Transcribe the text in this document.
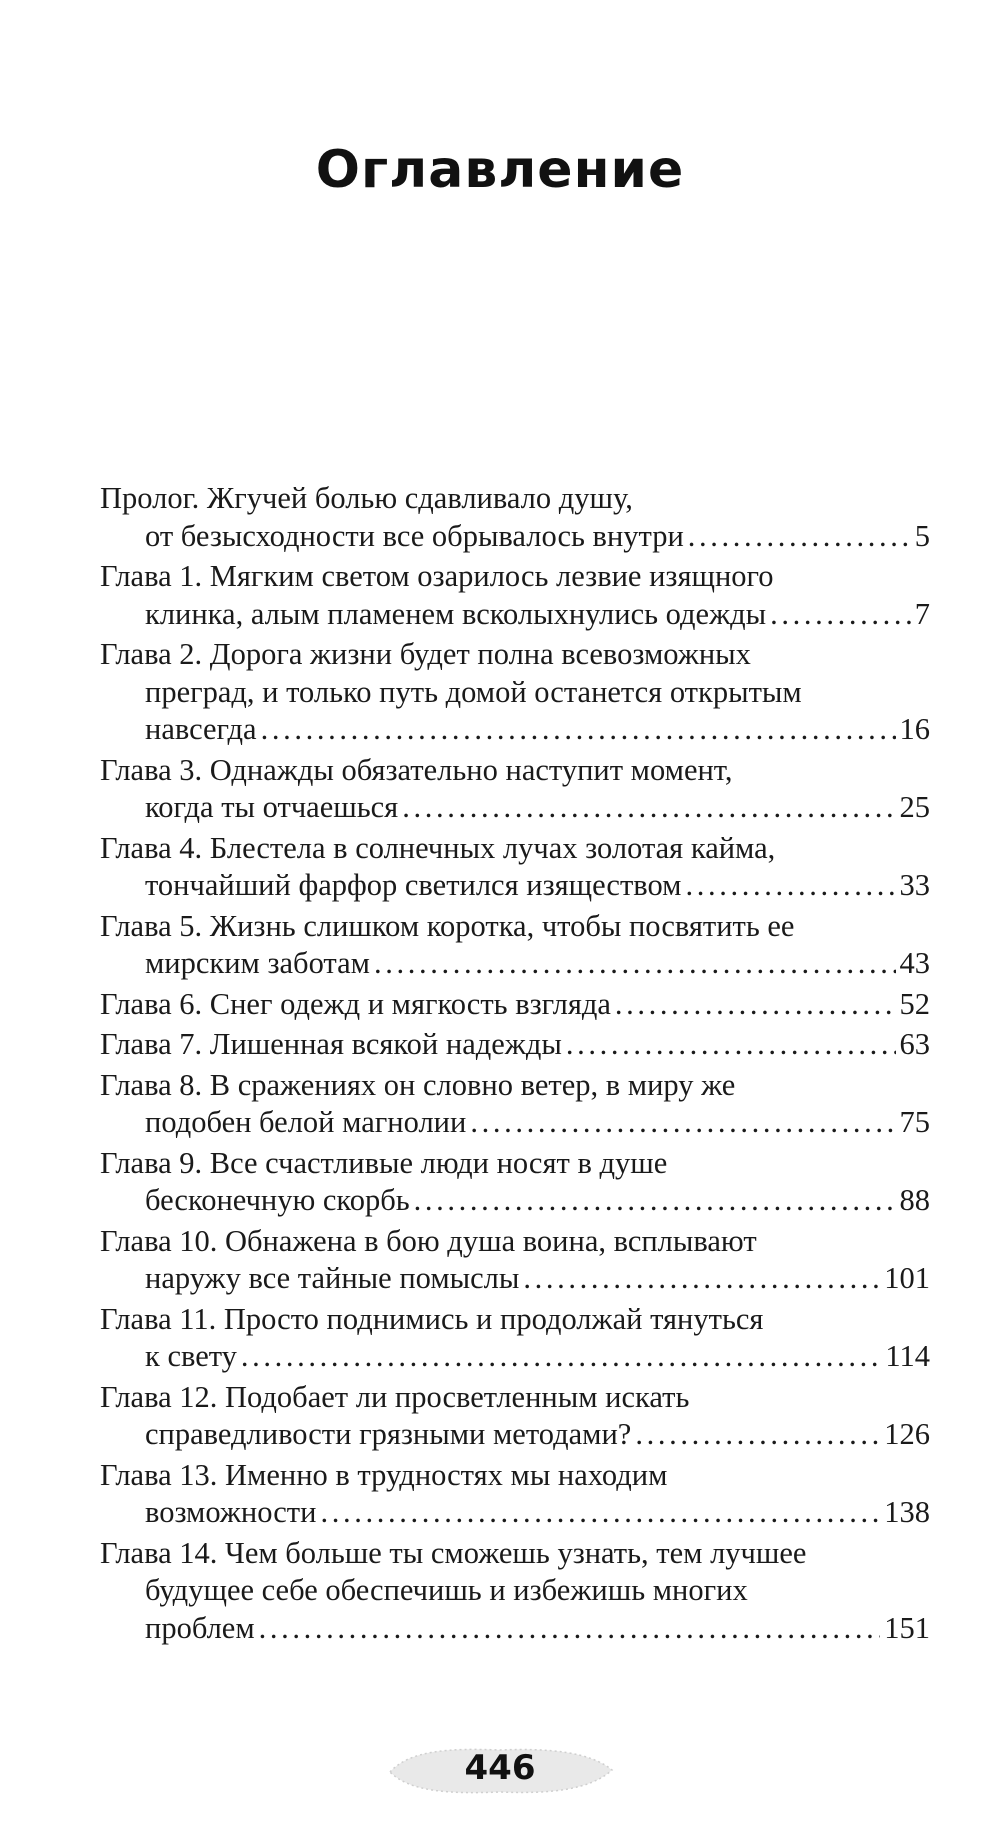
Оглавление
Пролог. Жгучей болью сдавливало душу,
от безысходности все обрывалось внутри . . .	5
Глава 1. Мягким светом озарилось лезвие изящного
клинка, алым пламенем всколыхнулись одежды . . .	7
Глава 2. Дорога жизни будет полна всевозможных
преград, и только путь домой останется открытым
навсегда . . .	16
Глава 3. Однажды обязательно наступит момент,
когда ты отчаешься . . .	25
Глава 4. Блестела в солнечных лучах золотая кайма,
тончайший фарфор светился изяществом . . .	33
Глава 5. Жизнь слишком коротка, чтобы посвятить ее
мирским заботам . . .	43
Глава 6. Снег одежд и мягкость взгляда . . .	52
Глава 7. Лишенная всякой надежды . . .	63
Глава 8. В сражениях он словно ветер, в миру же
подобен белой магнолии . . .	75
Глава 9. Все счастливые люди носят в душе
бесконечную скорбь . . .	88
Глава 10. Обнажена в бою душа воина, всплывают
наружу все тайные помыслы . . .	101
Глава 11. Просто поднимись и продолжай тянуться
к свету . . .	114
Глава 12. Подобает ли просветленным искать
справедливости грязными методами? . . .	126
Глава 13. Именно в трудностях мы находим
возможности . . .	138
Глава 14. Чем больше ты сможешь узнать, тем лучшее
будущее себе обеспечишь и избежишь многих
проблем . . .	151
446
